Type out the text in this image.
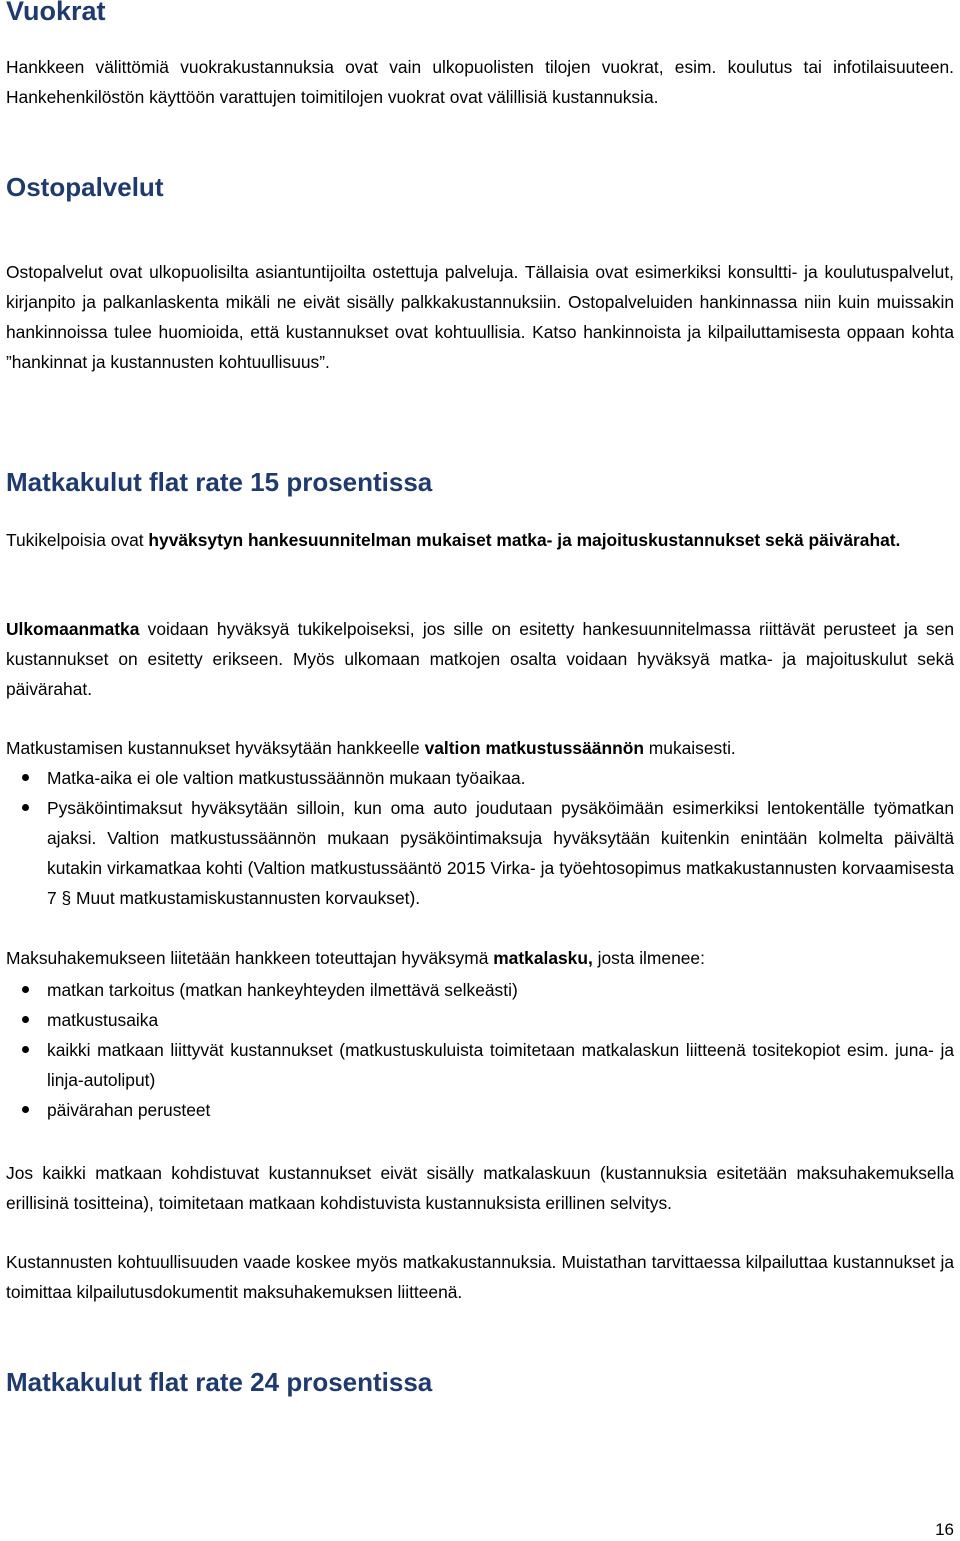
Vuokrat

Hankkeen välittömiä vuokrakustannuksia ovat vain ulkopuolisten tilojen vuokrat, esim. koulutus tai infotilaisuuteen. Hankehenkilöstön käyttöön varattujen toimitilojen vuokrat ovat välillisiä kustannuksia.

Ostopalvelut

Ostopalvelut ovat ulkopuolisilta asiantuntijoilta ostettuja palveluja. Tällaisia ovat esimerkiksi konsultti- ja koulutuspalvelut, kirjanpito ja palkanlaskenta mikäli ne eivät sisälly palkkakustannuksiin. Ostopalveluiden hankinnassa niin kuin muissakin hankinnoissa tulee huomioida, että kustannukset ovat kohtuullisia. Katso hankinnoista ja kilpailuttamisesta oppaan kohta ”hankinnat ja kustannusten kohtuullisuus”.

Matkakulut flat rate 15 prosentissa

Tukikelpoisia ovat hyväksytyn hankesuunnitelman mukaiset matka- ja majoituskustannukset sekä päivärahat.

Ulkomaanmatka voidaan hyväksyä tukikelpoiseksi, jos sille on esitetty hankesuunnitelmassa riittävät perusteet ja sen kustannukset on esitetty erikseen. Myös ulkomaan matkojen osalta voidaan hyväksyä matka- ja majoituskulut sekä päivärahat.

Matkustamisen kustannukset hyväksytään hankkeelle valtion matkustussäännön mukaisesti.

Matka-aika ei ole valtion matkustussäännön mukaan työaikaa.
Pysäköintimaksut hyväksytään silloin, kun oma auto joudutaan pysäköimään esimerkiksi lentokentälle työmatkan ajaksi. Valtion matkustussäännön mukaan pysäköintimaksuja hyväksytään kuitenkin enintään kolmelta päivältä kutakin virkamatkaa kohti (Valtion matkustussääntö 2015 Virka- ja työehtosopimus matkakustannusten korvaamisesta 7 § Muut matkustamiskustannusten korvaukset).

Maksuhakemukseen liitetään hankkeen toteuttajan hyväksymä matkalasku, josta ilmenee:

matkan tarkoitus (matkan hankeyhteyden ilmettävä selkeästi)
matkustusaika
kaikki matkaan liittyvät kustannukset (matkustuskuluista toimitetaan matkalaskun liitteenä tositekopiot esim. juna- ja linja-autoliput)
päivärahan perusteet

Jos kaikki matkaan kohdistuvat kustannukset eivät sisälly matkalaskuun (kustannuksia esitetään maksuhakemuksella erillisinä tositteina), toimitetaan matkaan kohdistuvista kustannuksista erillinen selvitys.

Kustannusten kohtuullisuuden vaade koskee myös matkakustannuksia. Muistathan tarvittaessa kilpailuttaa kustannukset ja toimittaa kilpailutusdokumentit maksuhakemuksen liitteenä.

Matkakulut flat rate 24 prosentissa
16
